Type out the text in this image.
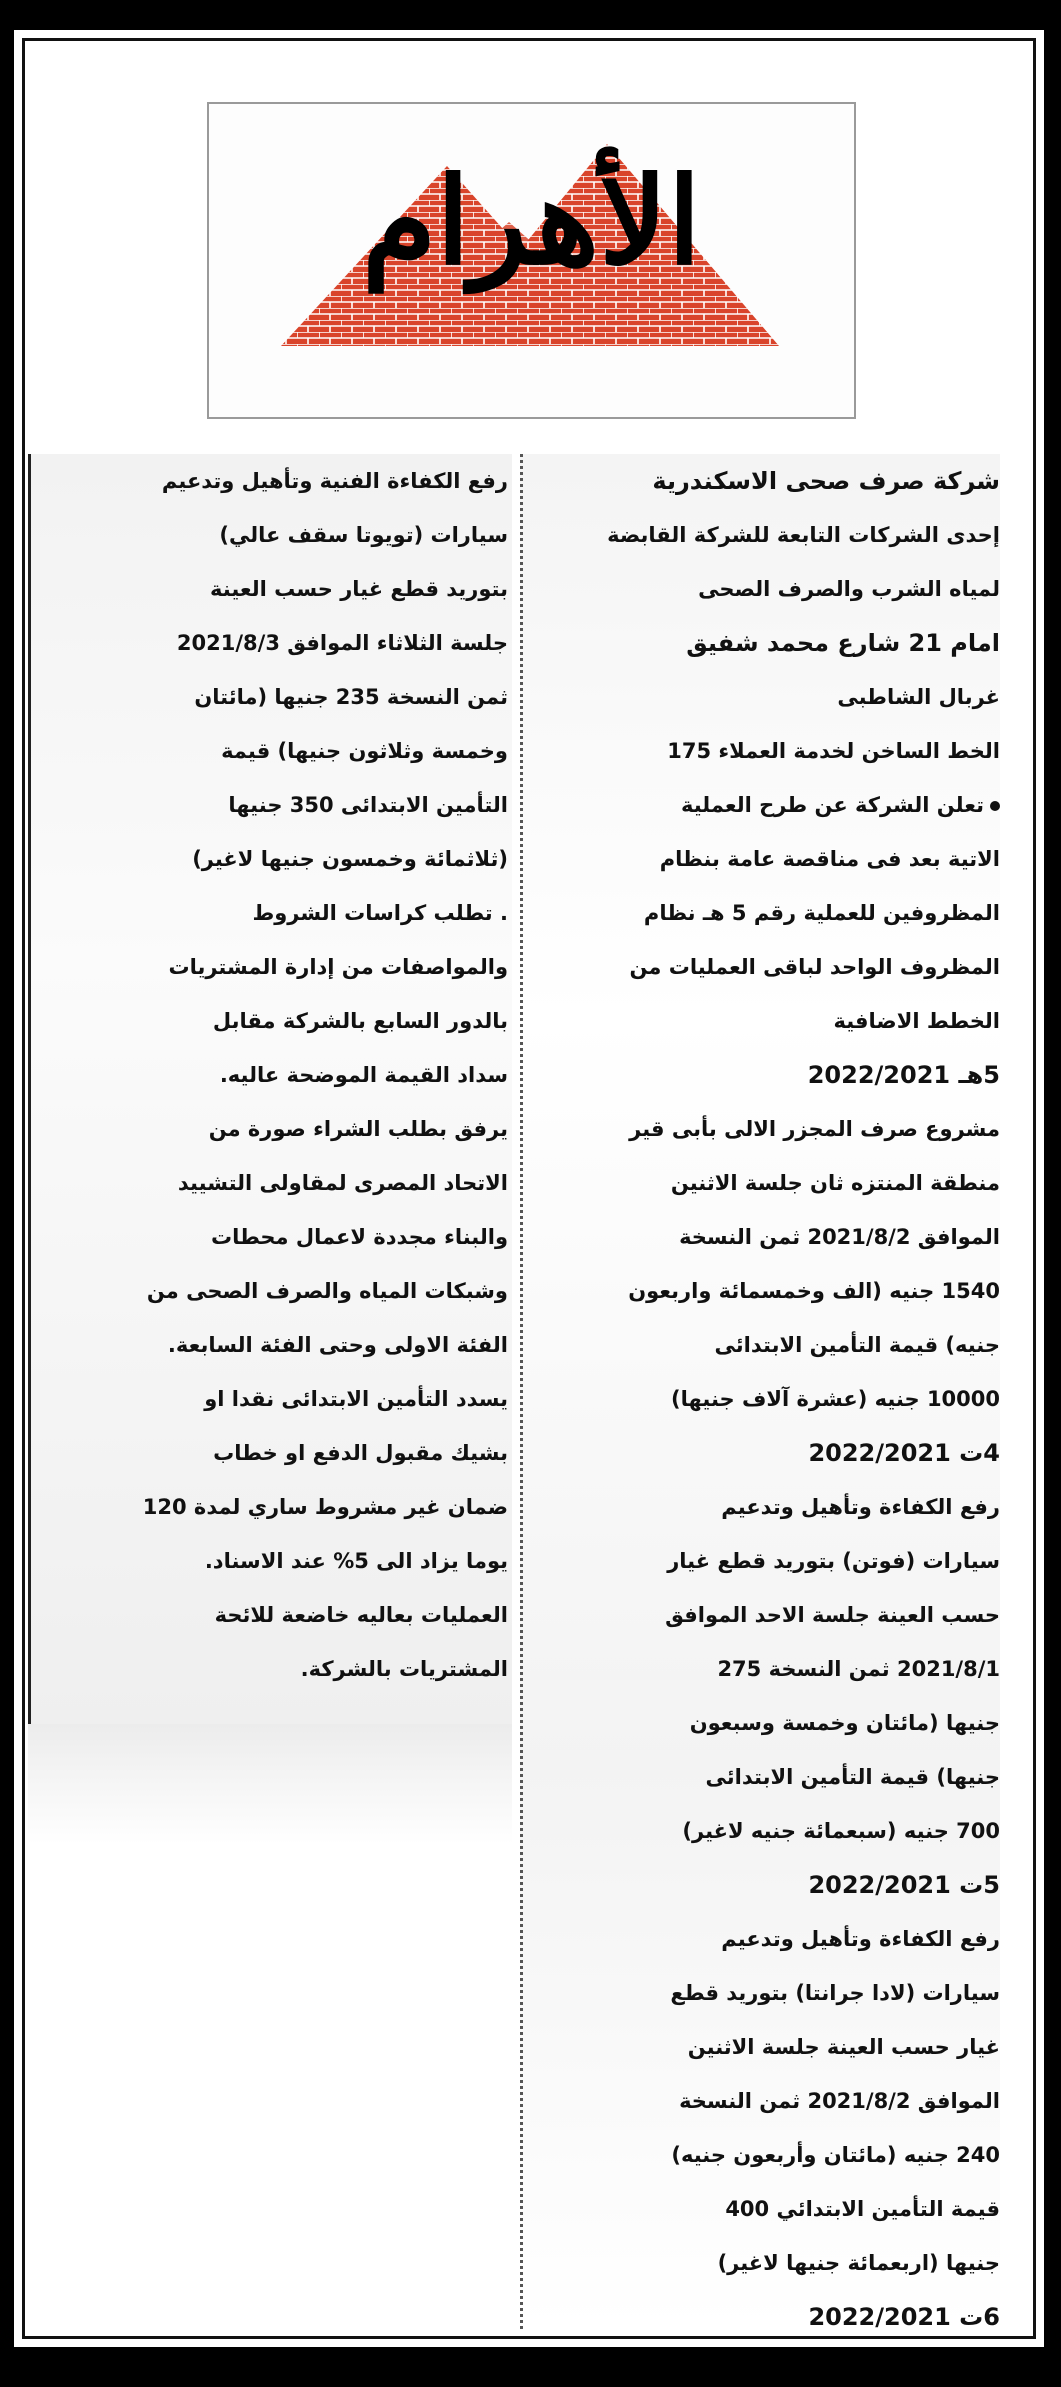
الأهرام
شركة صرف صحى الاسكندرية
إحدى الشركات التابعة للشركة القابضة
لمياه الشرب والصرف الصحى
امام 21 شارع محمد شفيق
غربال الشاطبى
الخط الساخن لخدمة العملاء 175
تعلن الشركة عن طرح العملية
الاتية بعد فى مناقصة عامة بنظام
المظروفين للعملية رقم 5 هـ نظام
المظروف الواحد لباقى العمليات من
الخطط الاضافية
5هـ 2022/2021
مشروع صرف المجزر الالى بأبى قير
منطقة المنتزه ثان جلسة الاثنين
الموافق 2021/8/2 ثمن النسخة
1540 جنيه (الف وخمسمائة واربعون
جنيه) قيمة التأمين الابتدائى
10000 جنيه (عشرة آلاف جنيها)
4ت 2022/2021
رفع الكفاءة وتأهيل وتدعيم
سيارات (فوتن) بتوريد قطع غيار
حسب العينة جلسة الاحد الموافق
2021/8/1 ثمن النسخة 275
جنيها (مائتان وخمسة وسبعون
جنيها) قيمة التأمين الابتدائى
700 جنيه (سبعمائة جنيه لاغير)
5ت 2022/2021
رفع الكفاءة وتأهيل وتدعيم
سيارات (لادا جرانتا) بتوريد قطع
غيار حسب العينة جلسة الاثنين
الموافق 2021/8/2 ثمن النسخة
240 جنيه (مائتان وأربعون جنيه)
قيمة التأمين الابتدائي 400
جنيها (اربعمائة جنيها لاغير)
6ت 2022/2021
رفع الكفاءة الفنية وتأهيل وتدعيم
سيارات (تويوتا سقف عالي)
بتوريد قطع غيار حسب العينة
جلسة الثلاثاء الموافق 2021/8/3
ثمن النسخة 235 جنيها (مائتان
وخمسة وثلاثون جنيها) قيمة
التأمين الابتدائى 350 جنيها
(ثلاثمائة وخمسون جنيها لاغير)
. تطلب كراسات الشروط
والمواصفات من إدارة المشتريات
بالدور السابع بالشركة مقابل
سداد القيمة الموضحة عاليه.
يرفق بطلب الشراء صورة من
الاتحاد المصرى لمقاولى التشييد
والبناء مجددة لاعمال محطات
وشبكات المياه والصرف الصحى من
الفئة الاولى وحتى الفئة السابعة.
يسدد التأمين الابتدائى نقدا او
بشيك مقبول الدفع او خطاب
ضمان غير مشروط ساري لمدة 120
يوما يزاد الى 5% عند الاسناد.
العمليات بعاليه خاضعة للائحة
المشتريات بالشركة.
